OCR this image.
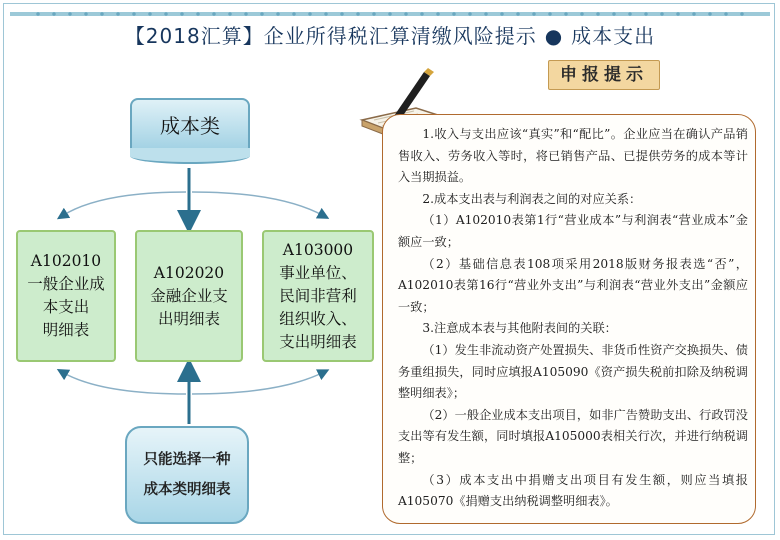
【2018汇算】企业所得税汇算清缴风险提示 ● 成本支出
申报提示

1.收入与支出应该“真实”和“配比”。企业应当在确认产品销售收入、劳务收入等时，将已销售产品、已提供劳务的成本等计入当期损益。

2.成本支出表与利润表之间的对应关系：

（1）A102010表第1行“营业成本”与利润表“营业成本”金额应一致；

（2）基础信息表108项采用2018版财务报表选“否”，A102010表第16行“营业外支出”与利润表“营业外支出”金额应一致；

3.注意成本表与其他附表间的关联：

（1）发生非流动资产处置损失、非货币性资产交换损失、债务重组损失，同时应填报A105090《资产损失税前扣除及纳税调整明细表》；

（2）一般企业成本支出项目，如非广告赞助支出、行政罚没支出等有发生额，同时填报A105000表相关行次，并进行纳税调整；

（3）成本支出中捐赠支出项目有发生额，则应当填报A105070《捐赠支出纳税调整明细表》。

成本类
A102010
一般企业成
本支出
明细表
A102020
金融企业支
出明细表
A103000
事业单位、
民间非营利
组织收入、
支出明细表
只能选择一种
成本类明细表
